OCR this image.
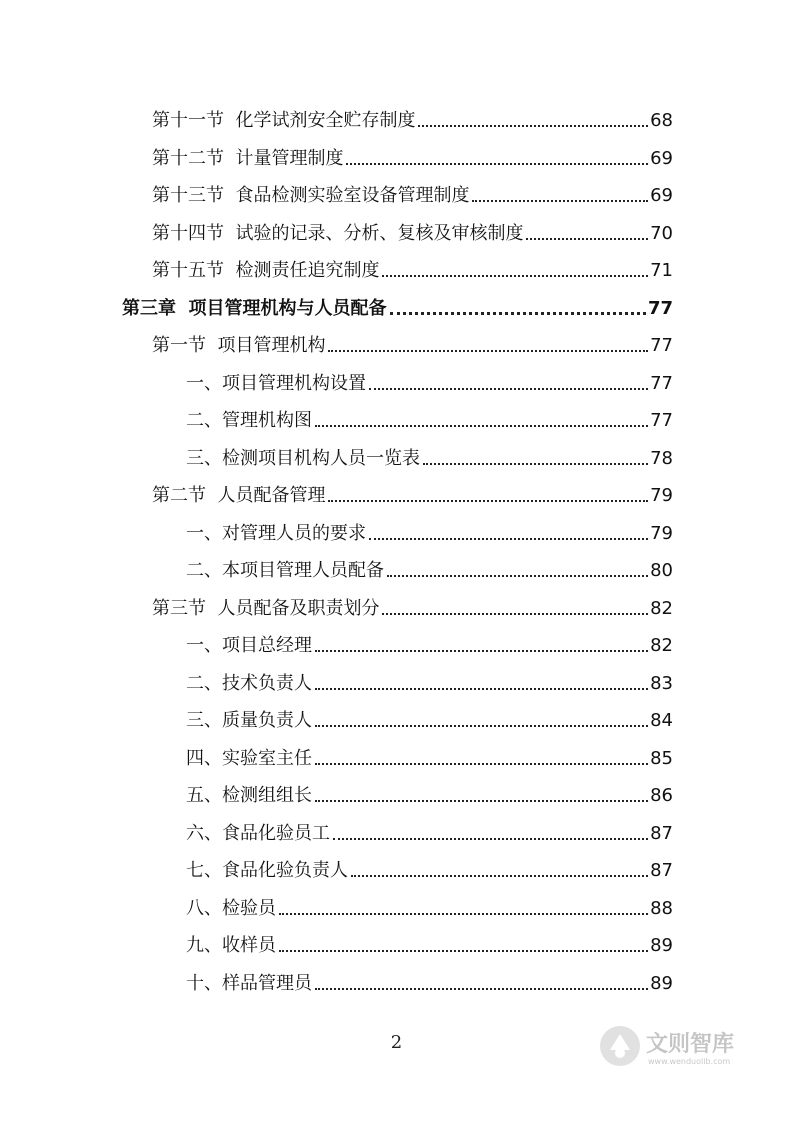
第十一节  化学试剂安全贮存制度	68
第十二节  计量管理制度	69
第十三节  食品检测实验室设备管理制度	69
第十四节  试验的记录、分析、复核及审核制度	70
第十五节  检测责任追究制度	71
第三章  项目管理机构与人员配备	77
第一节  项目管理机构	77
一、项目管理机构设置	77
二、管理机构图	77
三、检测项目机构人员一览表	78
第二节  人员配备管理	79
一、对管理人员的要求	79
二、本项目管理人员配备	80
第三节  人员配备及职责划分	82
一、项目总经理	82
二、技术负责人	83
三、质量负责人	84
四、实验室主任	85
五、检测组组长	86
六、食品化验员工	87
七、食品化验负责人	87
八、检验员	88
九、收样员	89
十、样品管理员	89
2	文则智库
www.wenduolib.com
